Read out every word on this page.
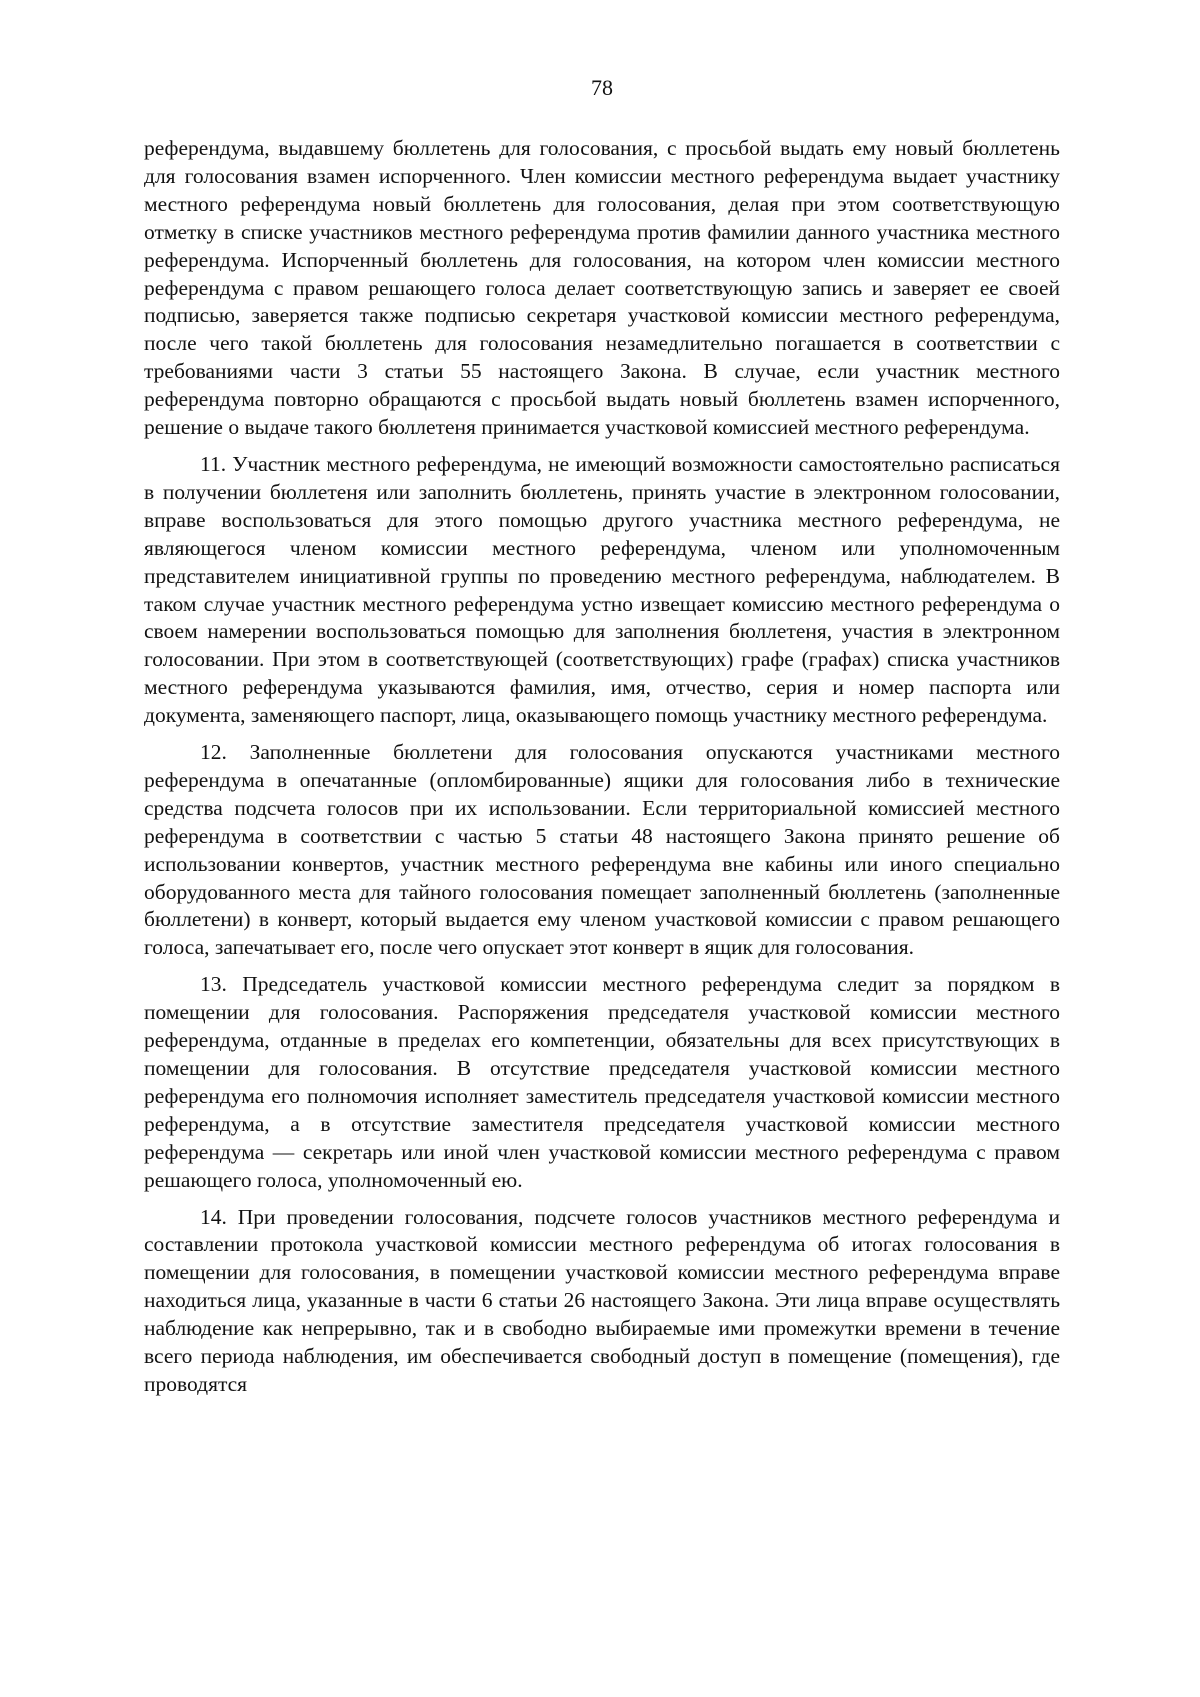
78

референдума, выдавшему бюллетень для голосования, с просьбой выдать ему новый бюллетень для голосования взамен испорченного. Член комиссии местного референдума выдает участнику местного референдума новый бюллетень для голосования, делая при этом соответствующую отметку в списке участников местного референдума против фамилии данного участника местного референдума. Испорченный бюллетень для голосования, на котором член комиссии местного референдума с правом решающего голоса делает соответствующую запись и заверяет ее своей подписью, заверяется также подписью секретаря участковой комиссии местного референдума, после чего такой бюллетень для голосования незамедлительно погашается в соответствии с требованиями части 3 статьи 55 настоящего Закона. В случае, если участник местного референдума повторно обращаются с просьбой выдать новый бюллетень взамен испорченного, решение о выдаче такого бюллетеня принимается участковой комиссией местного референдума.

11. Участник местного референдума, не имеющий возможности самостоятельно расписаться в получении бюллетеня или заполнить бюллетень, принять участие в электронном голосовании, вправе воспользоваться для этого помощью другого участника местного референдума, не являющегося членом комиссии местного референдума, членом или уполномоченным представителем инициативной группы по проведению местного референдума, наблюдателем. В таком случае участник местного референдума устно извещает комиссию местного референдума о своем намерении воспользоваться помощью для заполнения бюллетеня, участия в электронном голосовании. При этом в соответствующей (соответствующих) графе (графах) списка участников местного референдума указываются фамилия, имя, отчество, серия и номер паспорта или документа, заменяющего паспорт, лица, оказывающего помощь участнику местного референдума.

12. Заполненные бюллетени для голосования опускаются участниками местного референдума в опечатанные (опломбированные) ящики для голосования либо в технические средства подсчета голосов при их использовании. Если территориальной комиссией местного референдума в соответствии с частью 5 статьи 48 настоящего Закона принято решение об использовании конвертов, участник местного референдума вне кабины или иного специально оборудованного места для тайного голосования помещает заполненный бюллетень (заполненные бюллетени) в конверт, который выдается ему членом участковой комиссии с правом решающего голоса, запечатывает его, после чего опускает этот конверт в ящик для голосования.

13. Председатель участковой комиссии местного референдума следит за порядком в помещении для голосования. Распоряжения председателя участковой комиссии местного референдума, отданные в пределах его компетенции, обязательны для всех присутствующих в помещении для голосования. В отсутствие председателя участковой комиссии местного референдума его полномочия исполняет заместитель председателя участковой комиссии местного референдума, а в отсутствие заместителя председателя участковой комиссии местного референдума — секретарь или иной член участковой комиссии местного референдума с правом решающего голоса, уполномоченный ею.

14. При проведении голосования, подсчете голосов участников местного референдума и составлении протокола участковой комиссии местного референдума об итогах голосования в помещении для голосования, в помещении участковой комиссии местного референдума вправе находиться лица, указанные в части 6 статьи 26 настоящего Закона. Эти лица вправе осуществлять наблюдение как непрерывно, так и в свободно выбираемые ими промежутки времени в течение всего периода наблюдения, им обеспечивается свободный доступ в помещение (помещения), где проводятся
